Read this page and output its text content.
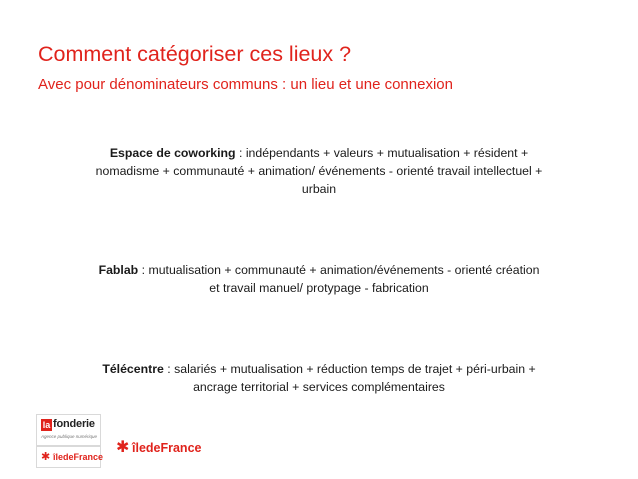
Comment catégoriser ces lieux ?
Avec pour dénominateurs communs : un lieu et une connexion
Espace de coworking : indépendants + valeurs + mutualisation + résident +
nomadisme + communauté + animation/ événements - orienté travail intellectuel +
urbain
Fablab : mutualisation + communauté + animation/événements - orienté création
et travail manuel/ protypage - fabrication
Télécentre : salariés + mutualisation + réduction temps de trajet + péri-urbain +
ancrage territorial + services complémentaires
la fonderie
Agence publique numérique
✱ îledeFrance
✱ îledeFrance
